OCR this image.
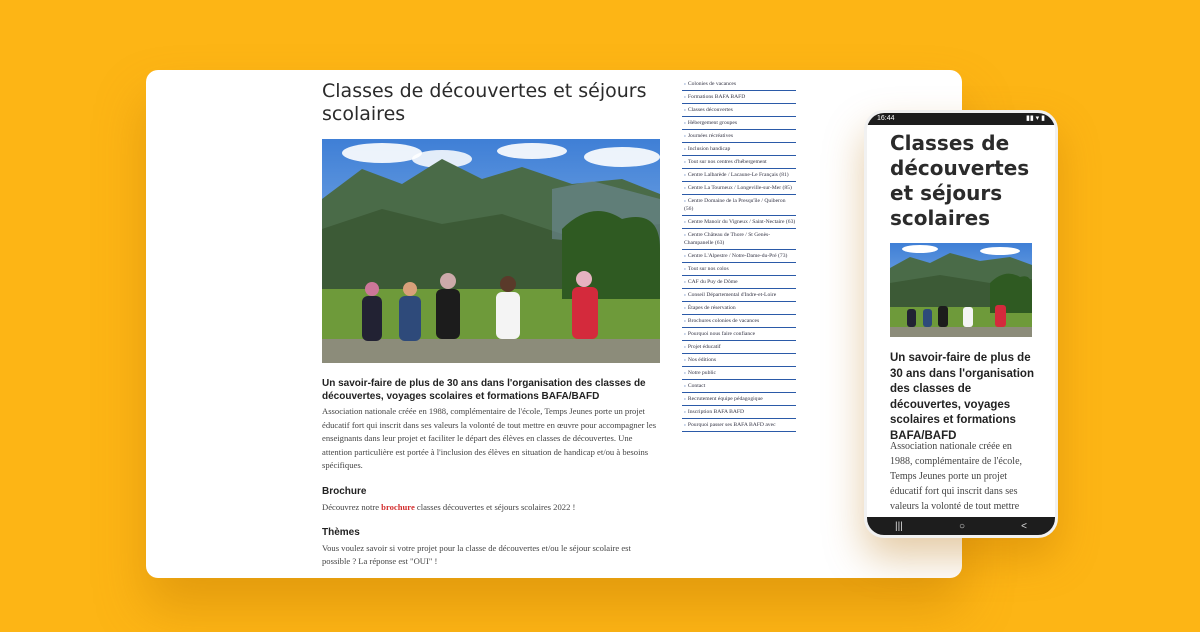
Classes de découvertes et séjours scolaires
Un savoir-faire de plus de 30 ans dans l'organisation des classes de découvertes, voyages scolaires et formations BAFA/BAFD

Association nationale créée en 1988, complémentaire de l'école, Temps Jeunes porte un projet éducatif fort qui inscrit dans ses valeurs la volonté de tout mettre en œuvre pour accompagner les enseignants dans leur projet et faciliter le départ des élèves en classes de découvertes. Une attention particulière est portée à l'inclusion des élèves en situation de handicap et/ou à besoins spécifiques.

Brochure

Découvrez notre brochure classes découvertes et séjours scolaires 2022 !

Thèmes

Vous voulez savoir si votre projet pour la classe de découvertes et/ou le séjour scolaire est possible ? La réponse est "OUI" !

› Colonies de vacances
› Formations BAFA BAFD
› Classes découvertes
› Hébergement groupes
› Journées récréatives
› Inclusion handicap
› Tout sur nos centres d'hébergement
› Centre Lalbarède / Lacaune-Le Français (81)
› Centre La Tourneux / Longeville-sur-Mer (85)
› Centre Domaine de la Presqu'île / Quiberon (56)
› Centre Manoir du Vigneux / Saint-Nectaire (63)
› Centre Château de Thore / St Genès-Champanelle (63)
› Centre L'Alpestre / Notre-Dame-du-Pré (73)
› Tout sur nos colos
› CAF du Puy de Dôme
› Conseil Départemental d'Indre-et-Loire
› Étapes de réservation
› Brochures colonies de vacances
› Pourquoi nous faire confiance
› Projet éducatif
› Nos éditions
› Notre public
› Contact
› Recrutement équipe pédagogique
› Inscription BAFA BAFD
› Pourquoi passer ses BAFA BAFD avec
16:44	▮▮ ▾ ▮
Classes de découvertes et séjours scolaires
Un savoir-faire de plus de 30 ans dans l'organisation des classes de découvertes, voyages scolaires et formations BAFA/BAFD

Association nationale créée en 1988, complémentaire de l'école, Temps Jeunes porte un projet éducatif fort qui inscrit dans ses valeurs la volonté de tout mettre

|||	○	<
